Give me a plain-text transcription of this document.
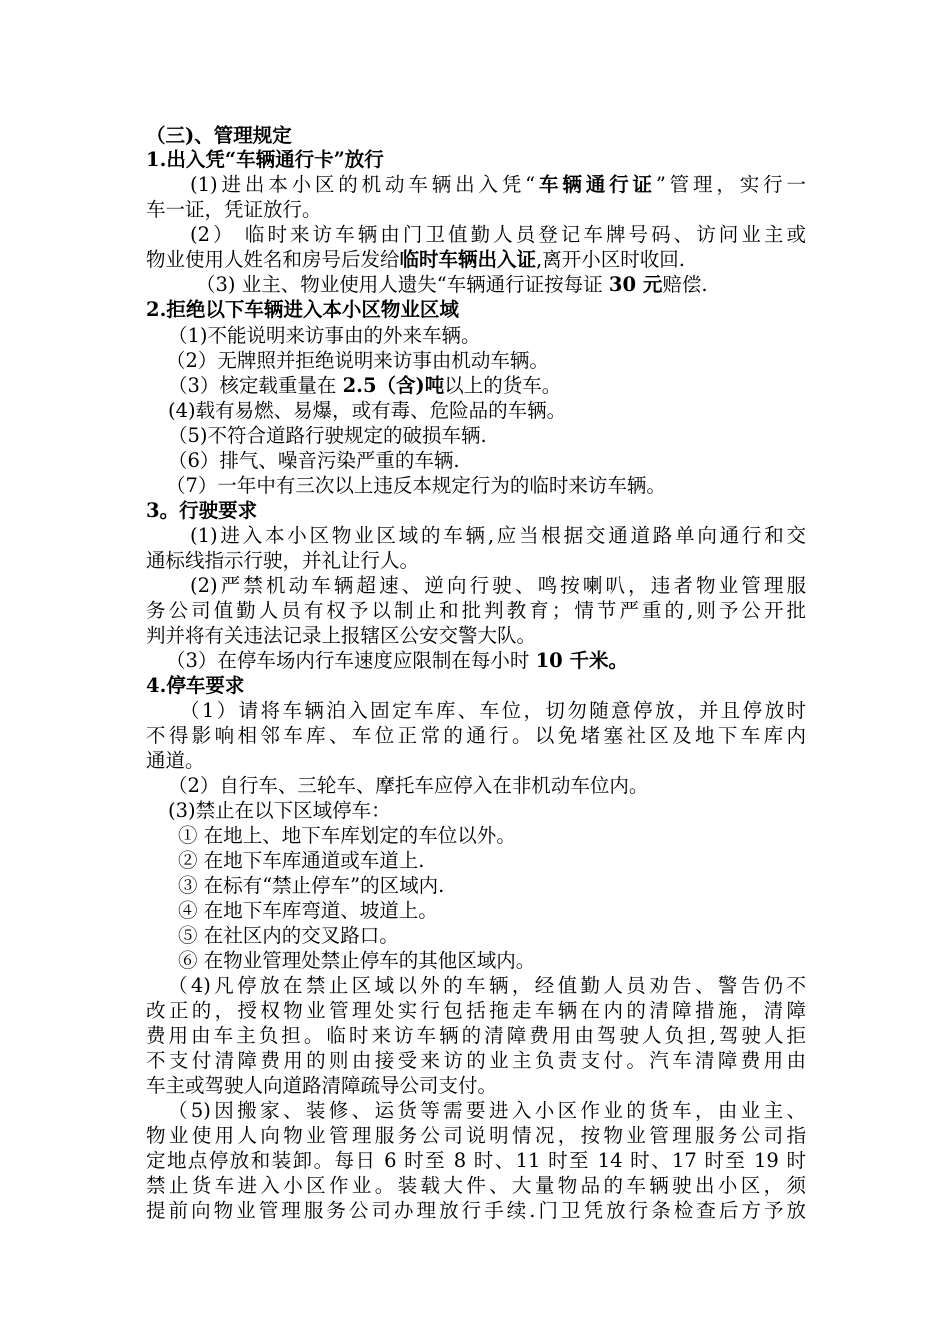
（三)、管理规定
1.出入凭“车辆通行卡”放行
(1)进出本小区的机动车辆出入凭“车辆通行证”管理，实行一
车一证，凭证放行。
(2） 临时来访车辆由门卫值勤人员登记车牌号码、访问业主或
物业使用人姓名和房号后发给临时车辆出入证,离开小区时收回.
（3) 业主、物业使用人遗失“车辆通行证按每证 30 元赔偿.
2.拒绝以下车辆进入本小区物业区域
（1)不能说明来访事由的外来车辆。
（2）无牌照并拒绝说明来访事由机动车辆。
（3）核定载重量在 2.5（含)吨以上的货车。
(4)载有易燃、易爆，或有毒、危险品的车辆。
（5)不符合道路行驶规定的破损车辆.
（6）排气、噪音污染严重的车辆.
（7）一年中有三次以上违反本规定行为的临时来访车辆。
3。行驶要求
(1)进入本小区物业区域的车辆,应当根据交通道路单向通行和交
通标线指示行驶，并礼让行人。
(2)严禁机动车辆超速、逆向行驶、鸣按喇叭，违者物业管理服
务公司值勤人员有权予以制止和批判教育；情节严重的,则予公开批
判并将有关违法记录上报辖区公安交警大队。
（3）在停车场内行车速度应限制在每小时 10 千米。
4.停车要求
（1）请将车辆泊入固定车库、车位，切勿随意停放，并且停放时
不得影响相邻车库、车位正常的通行。以免堵塞社区及地下车库内
通道。
（2）自行车、三轮车、摩托车应停入在非机动车位内。
(3)禁止在以下区域停车：
① 在地上、地下车库划定的车位以外。
② 在地下车库通道或车道上.
③ 在标有“禁止停车”的区域内.
④ 在地下车库弯道、坡道上。
⑤ 在社区内的交叉路口。
⑥ 在物业管理处禁止停车的其他区域内。
（4)凡停放在禁止区域以外的车辆，经值勤人员劝告、警告仍不
改正的，授权物业管理处实行包括拖走车辆在内的清障措施，清障
费用由车主负担。临时来访车辆的清障费用由驾驶人负担,驾驶人拒
不支付清障费用的则由接受来访的业主负责支付。汽车清障费用由
车主或驾驶人向道路清障疏导公司支付。
（5)因搬家、装修、运货等需要进入小区作业的货车，由业主、
物业使用人向物业管理服务公司说明情况，按物业管理服务公司指
定地点停放和装卸。每日 6 时至 8 时、11 时至 14 时、17 时至 19 时
禁止货车进入小区作业。装载大件、大量物品的车辆驶出小区，须
提前向物业管理服务公司办理放行手续.门卫凭放行条检查后方予放
